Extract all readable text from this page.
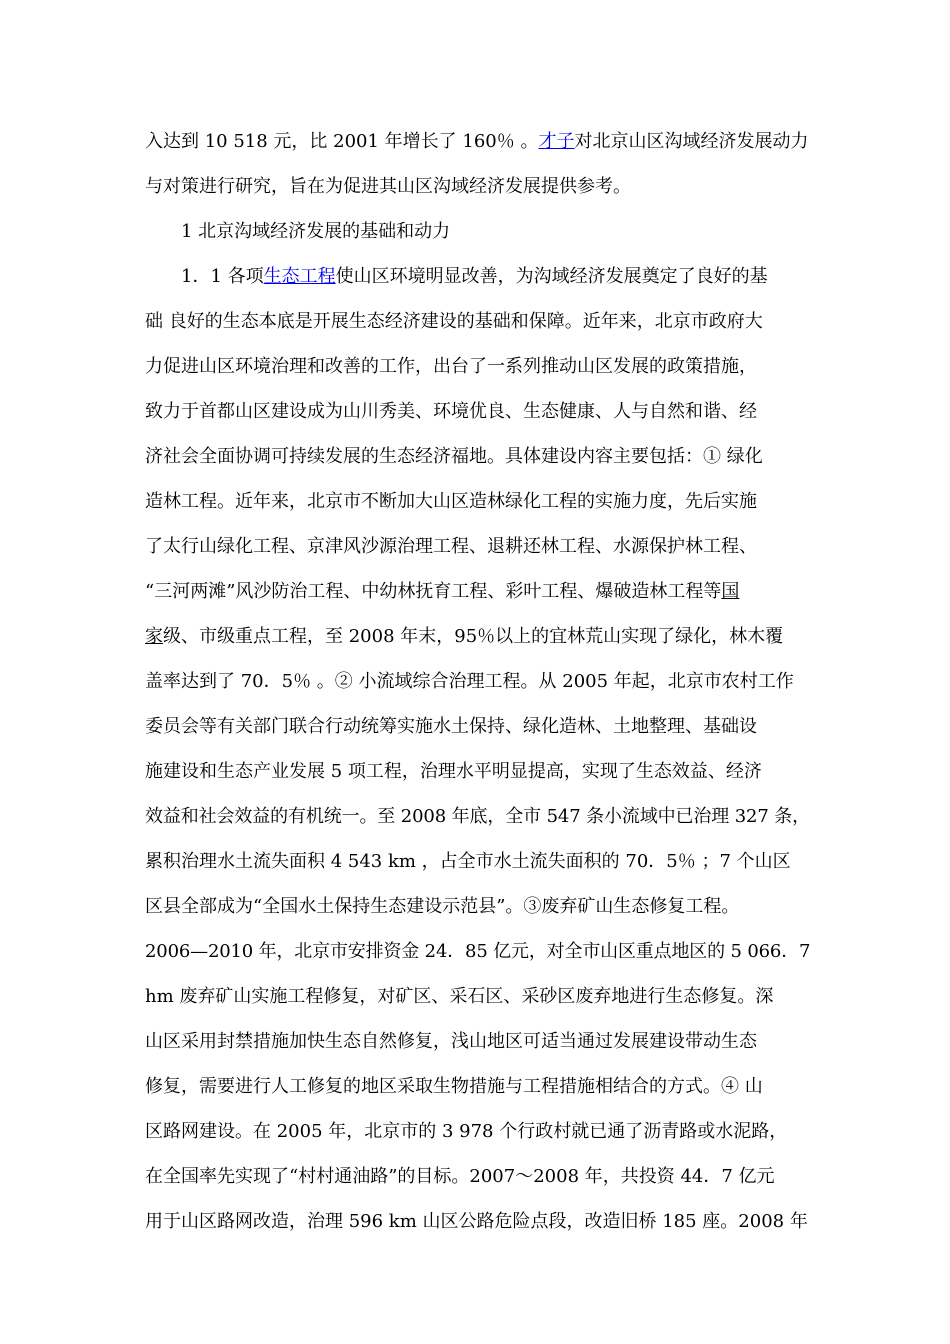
入达到 10 518 元，比 2001 年增长了 160％ 。才子对北京山区沟域经济发展动力
与对策进行研究，旨在为促进其山区沟域经济发展提供参考。
1 北京沟域经济发展的基础和动力
1．1 各项生态工程使山区环境明显改善，为沟域经济发展奠定了良好的基
础 良好的生态本底是开展生态经济建设的基础和保障。近年来，北京市政府大
力促进山区环境治理和改善的工作，出台了一系列推动山区发展的政策措施，
致力于首都山区建设成为山川秀美、环境优良、生态健康、人与自然和谐、经
济社会全面协调可持续发展的生态经济福地。具体建设内容主要包括：① 绿化
造林工程。近年来，北京市不断加大山区造林绿化工程的实施力度，先后实施
了太行山绿化工程、京津风沙源治理工程、退耕还林工程、水源保护林工程、
“三河两滩”风沙防治工程、中幼林抚育工程、彩叶工程、爆破造林工程等国
家级、市级重点工程，至 2008 年末，95％以上的宜林荒山实现了绿化，林木覆
盖率达到了 70．5％ 。② 小流域综合治理工程。从 2005 年起，北京市农村工作
委员会等有关部门联合行动统筹实施水土保持、绿化造林、土地整理、基础设
施建设和生态产业发展 5 项工程，治理水平明显提高，实现了生态效益、经济
效益和社会效益的有机统一。至 2008 年底，全市 547 条小流域中已治理 327 条，
累积治理水土流失面积 4 543 km ，占全市水土流失面积的 70．5％ ；7 个山区
区县全部成为“全国水土保持生态建设示范县”。③废弃矿山生态修复工程。
2006—2010 年，北京市安排资金 24．85 亿元，对全市山区重点地区的 5 066．7
hm 废弃矿山实施工程修复，对矿区、采石区、采砂区废弃地进行生态修复。深
山区采用封禁措施加快生态自然修复，浅山地区可适当通过发展建设带动生态
修复，需要进行人工修复的地区采取生物措施与工程措施相结合的方式。④ 山
区路网建设。在 2005 年，北京市的 3 978 个行政村就已通了沥青路或水泥路，
在全国率先实现了“村村通油路”的目标。2007～2008 年，共投资 44．7 亿元
用于山区路网改造，治理 596 km 山区公路危险点段，改造旧桥 185 座。2008 年
